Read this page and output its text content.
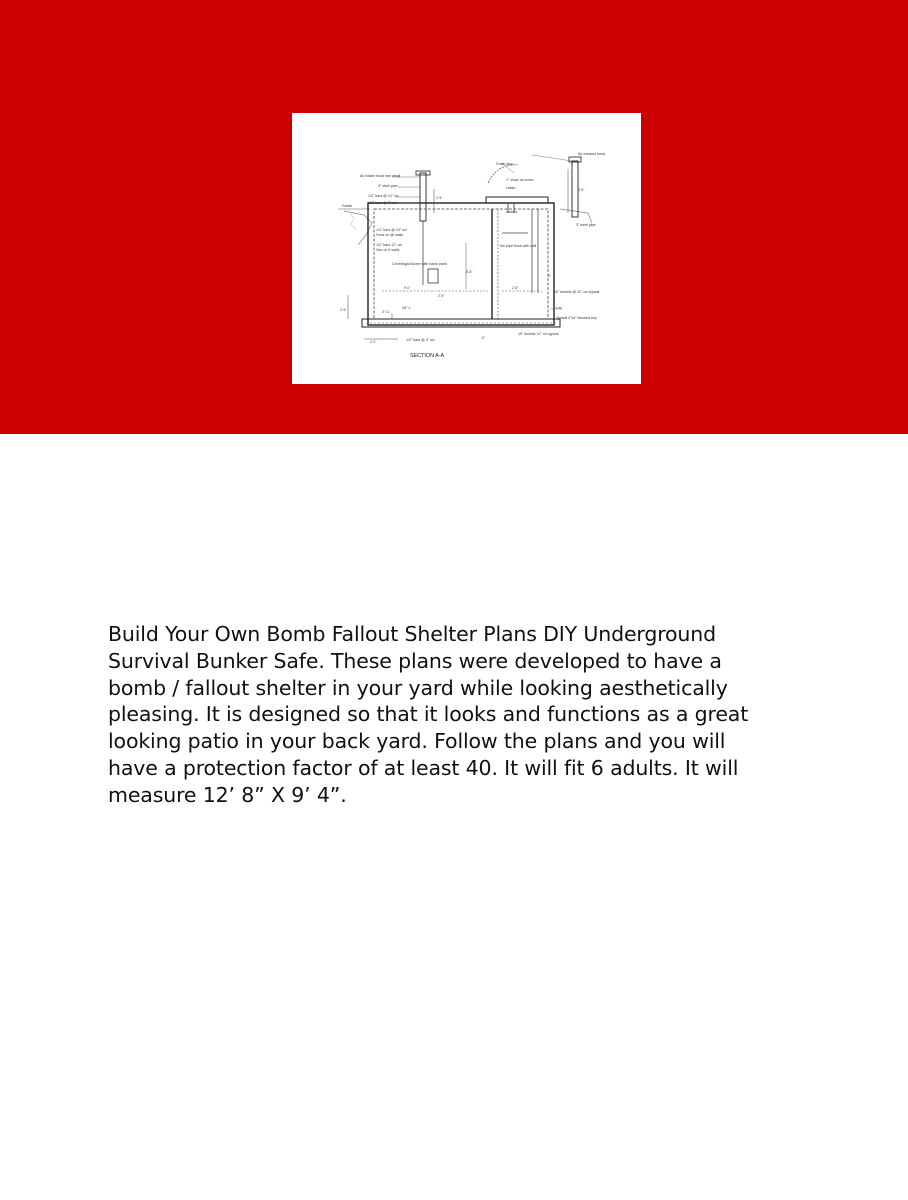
Air exhaust hood
Chain stop
1" slope on cover
Hatch
Air intake hood see detail
3" steel pipe
1/2" bars @ 12" o/c
1/2" bars @ 6" o/c
Grade
Ladder
3" steel pipe
1/2" bars @ 10" o/c
Horiz on @ walls
1/2" bars 12" o/c
Vert on 5 walls
Centrifugal blower with hand crank
Sm pipe flush with wall
Lap
Typical 2"x4" beveled key
10" dowels @ 12" o/c typical
1/2" bars @ 4" o/c
10" dowels 12" o/c typical
2'-6"
2'-5"
8'-8"
9'-0"
2'-9"
2'-6"
2'-8"
3" CL
3/4" C
2'-0"
4"
6"
SECTION A-A

Build Your Own Bomb Fallout Shelter Plans DIY Underground
Survival Bunker Safe. These plans were developed to have a
bomb / fallout shelter in your yard while looking aesthetically
pleasing. It is designed so that it looks and functions as a great
looking patio in your back yard. Follow the plans and you will
have a protection factor of at least 40. It will fit 6 adults. It will
measure 12’ 8” X 9’ 4”.
